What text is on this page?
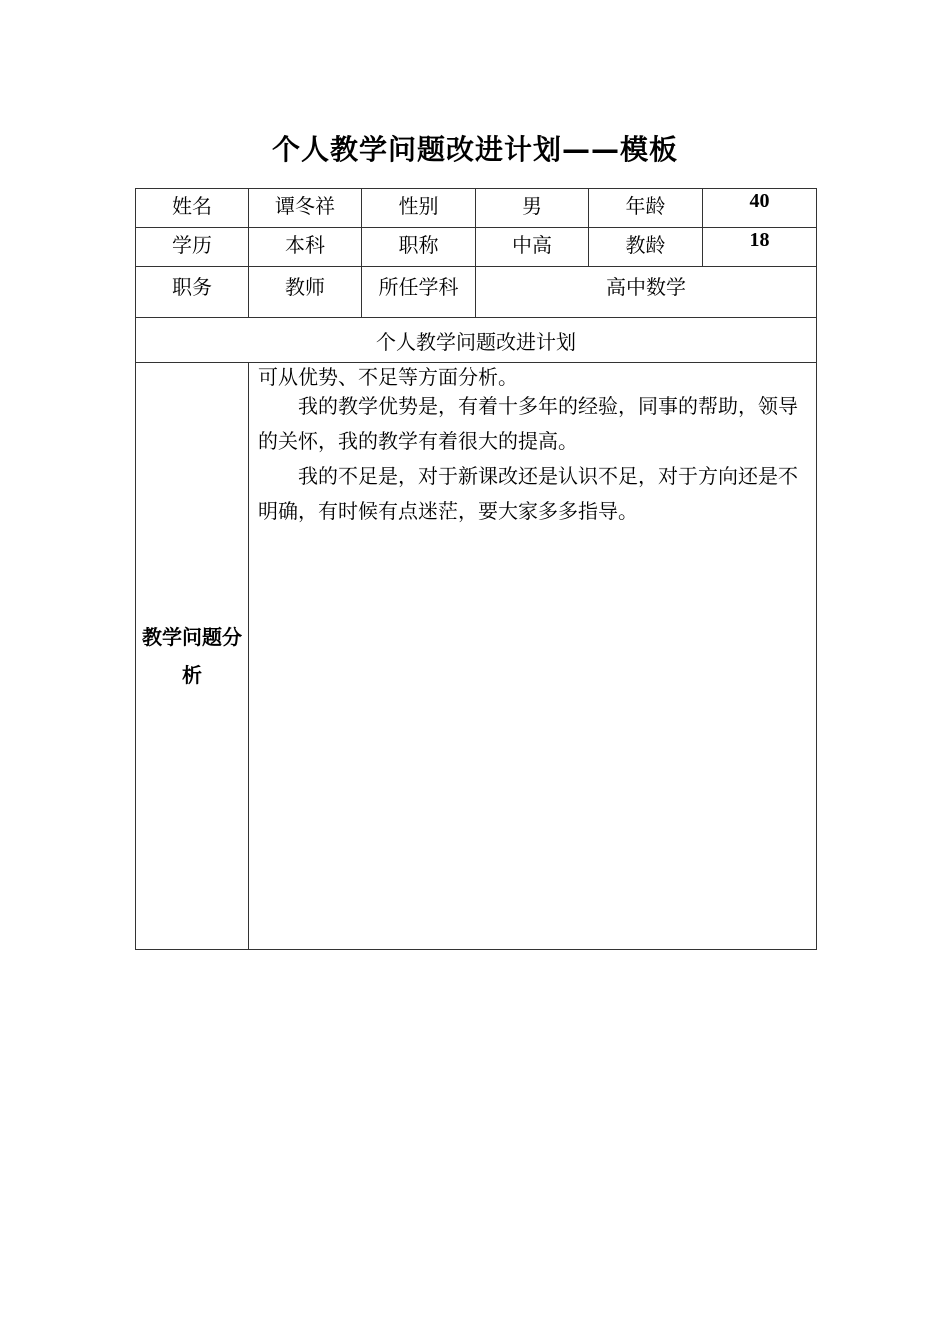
个人教学问题改进计划——模板
姓名	谭冬祥	性别	男	年龄	40
学历	本科	职称	中高	教龄	18
职务	教师	所任学科	高中数学		
个人教学问题改进计划					
教学问题分析	可从优势、不足等方面分析。

我的教学优势是，有着十多年的经验，同事的帮助，领导的关怀，我的教学有着很大的提高。

我的不足是，对于新课改还是认识不足，对于方向还是不明确，有时候有点迷茫，要大家多多指导。				
